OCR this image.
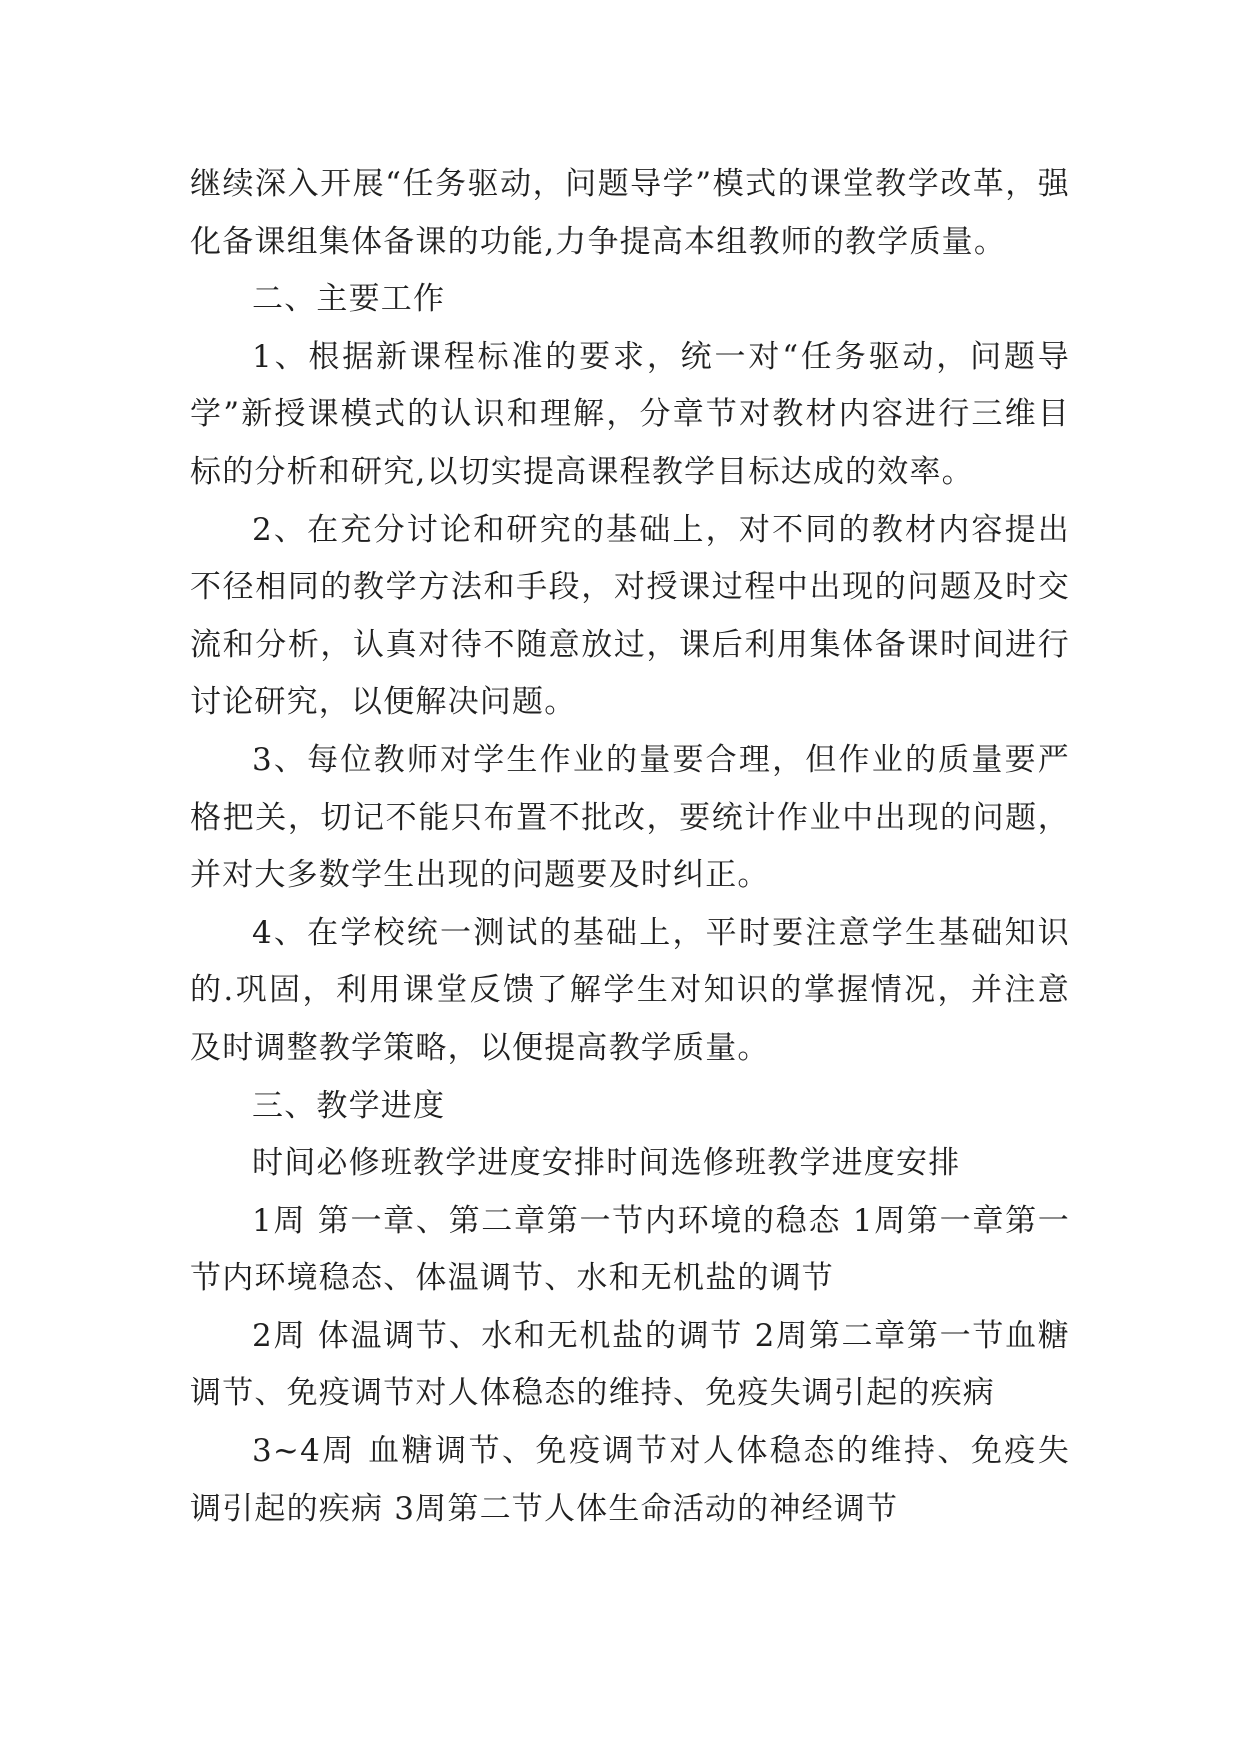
继续深入开展“任务驱动，问题导学”模式的课堂教学改革，强化备课组集体备课的功能,力争提高本组教师的教学质量。

二、主要工作

1、根据新课程标准的要求，统一对“任务驱动，问题导学”新授课模式的认识和理解，分章节对教材内容进行三维目标的分析和研究,以切实提高课程教学目标达成的效率。

2、在充分讨论和研究的基础上，对不同的教材内容提出不径相同的教学方法和手段，对授课过程中出现的问题及时交流和分析，认真对待不随意放过，课后利用集体备课时间进行讨论研究，以便解决问题。

3、每位教师对学生作业的量要合理，但作业的质量要严格把关，切记不能只布置不批改，要统计作业中出现的问题，并对大多数学生出现的问题要及时纠正。

4、在学校统一测试的基础上，平时要注意学生基础知识的.巩固，利用课堂反馈了解学生对知识的掌握情况，并注意及时调整教学策略，以便提高教学质量。

三、教学进度

时间必修班教学进度安排时间选修班教学进度安排

1周 第一章、第二章第一节内环境的稳态 1周第一章第一节内环境稳态、体温调节、水和无机盐的调节

2周 体温调节、水和无机盐的调节 2周第二章第一节血糖调节、免疫调节对人体稳态的维持、免疫失调引起的疾病

3~4周 血糖调节、免疫调节对人体稳态的维持、免疫失调引起的疾病 3周第二节人体生命活动的神经调节
